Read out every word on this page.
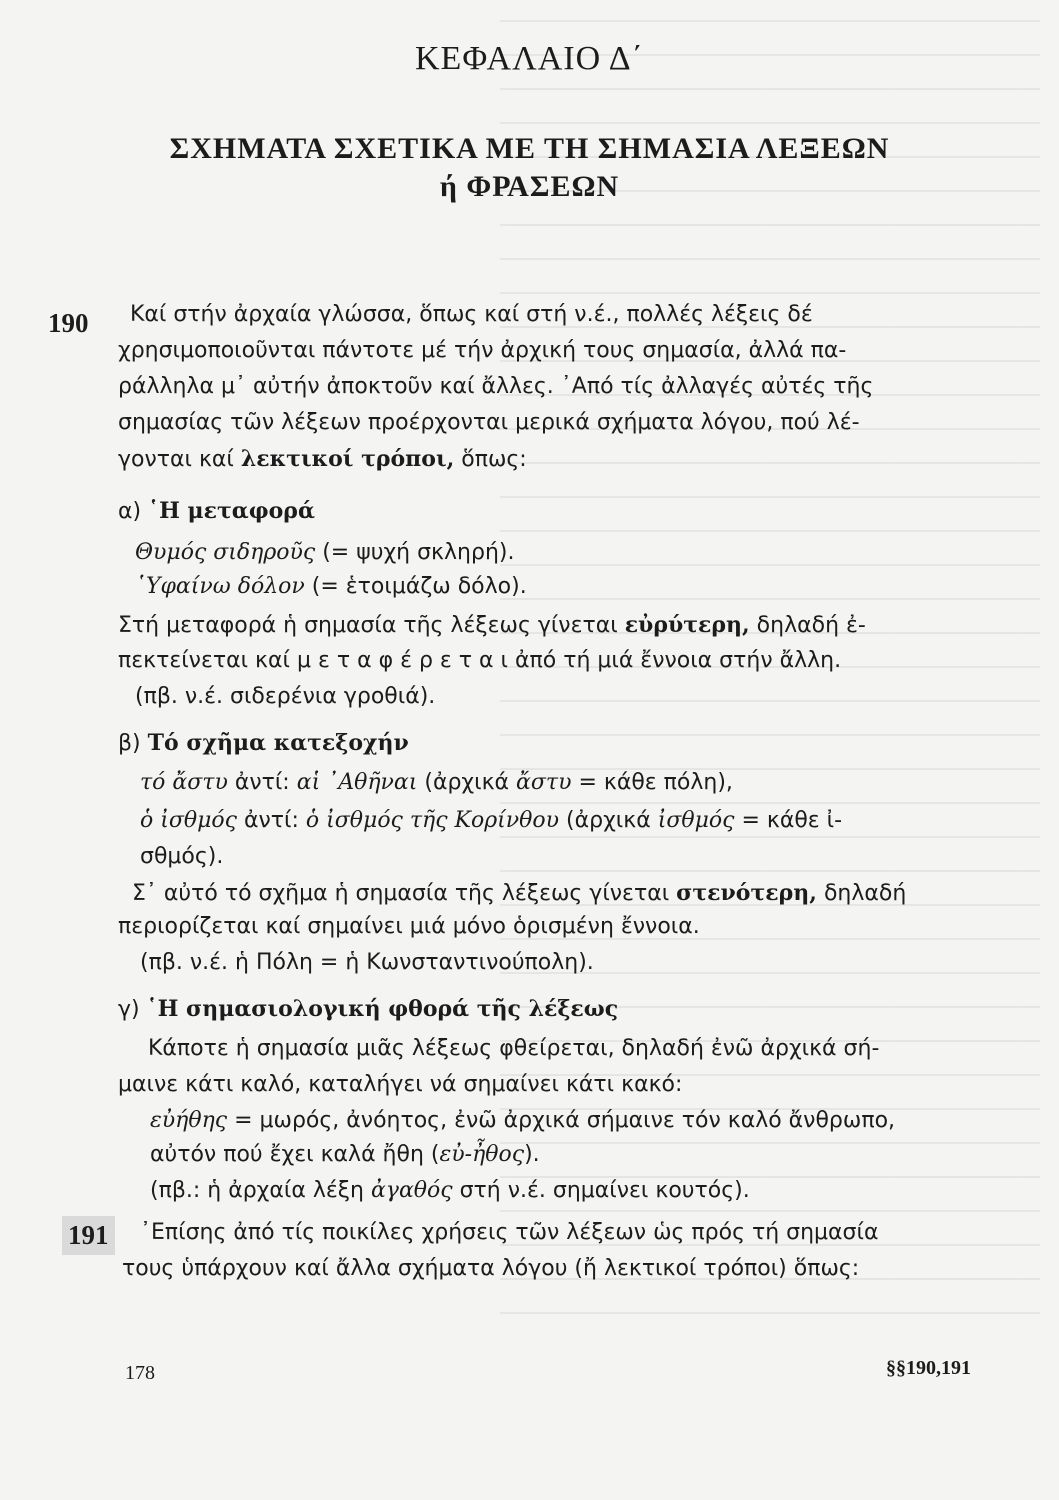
ΚΕΦΑΛΑΙΟ Δ΄
ΣΧΗΜΑΤΑ ΣΧΕΤΙΚΑ ΜΕ ΤΗ ΣΗΜΑΣΙΑ ΛΕΞΕΩΝ
ή ΦΡΑΣΕΩΝ
190 Καί στήν ἀρχαία γλώσσα, ὅπως καί στή ν.έ., πολλές λέξεις δέ
χρησιμοποιοῦνται πάντοτε μέ τήν ἀρχική τους σημασία, ἀλλά πα-
ράλληλα μ᾽ αὐτήν ἀποκτοῦν καί ἄλλες. ᾿Από τίς ἀλλαγές αὐτές τῆς
σημασίας τῶν λέξεων προέρχονται μερικά σχήματα λόγου, πού λέ-
γονται καί λεκτικοί τρόποι, ὅπως:
α) ῾Η μεταφορά
Θυμός σιδηροῦς (= ψυχή σκληρή).
῾Υφαίνω δόλον (= ἑτοιμάζω δόλο).
Στή μεταφορά ἡ σημασία τῆς λέξεως γίνεται εὐρύτερη, δηλαδή ἐ-
πεκτείνεται καί μ ε τ α φ έ ρ ε τ α ι ἀπό τή μιά ἔννοια στήν ἄλλη.
(πβ. ν.έ. σιδερένια γροθιά).
β) Τό σχῆμα κατεξοχήν
τό ἄστυ ἀντί: αἱ ᾿Αθῆναι (ἀρχικά ἄστυ = κάθε πόλη),
ὁ ἰσθμός ἀντί: ὁ ἰσθμός τῆς Κορίνθου (ἀρχικά ἰσθμός = κάθε ἰ-
σθμός).
Σ᾽ αὐτό τό σχῆμα ἡ σημασία τῆς λέξεως γίνεται στενότερη, δηλαδή
περιορίζεται καί σημαίνει μιά μόνο ὁρισμένη ἔννοια.
(πβ. ν.έ. ἡ Πόλη = ἡ Κωνσταντινούπολη).
γ) ῾Η σημασιολογική φθορά τῆς λέξεως
Κάποτε ἡ σημασία μιᾶς λέξεως φθείρεται, δηλαδή ἐνῶ ἀρχικά σή-
μαινε κάτι καλό, καταλήγει νά σημαίνει κάτι κακό:
εὐήθης = μωρός, ἀνόητος, ἐνῶ ἀρχικά σήμαινε τόν καλό ἄνθρωπο,
αὐτόν πού ἔχει καλά ἤθη (εὐ-ἦθος).
(πβ.: ἡ ἀρχαία λέξη ἀγαθός στή ν.έ. σημαίνει κουτός).
191 ᾿Επίσης ἀπό τίς ποικίλες χρήσεις τῶν λέξεων ὡς πρός τή σημασία
τους ὑπάρχουν καί ἄλλα σχήματα λόγου (ἤ λεκτικοί τρόποι) ὅπως:
178	§§190,191
